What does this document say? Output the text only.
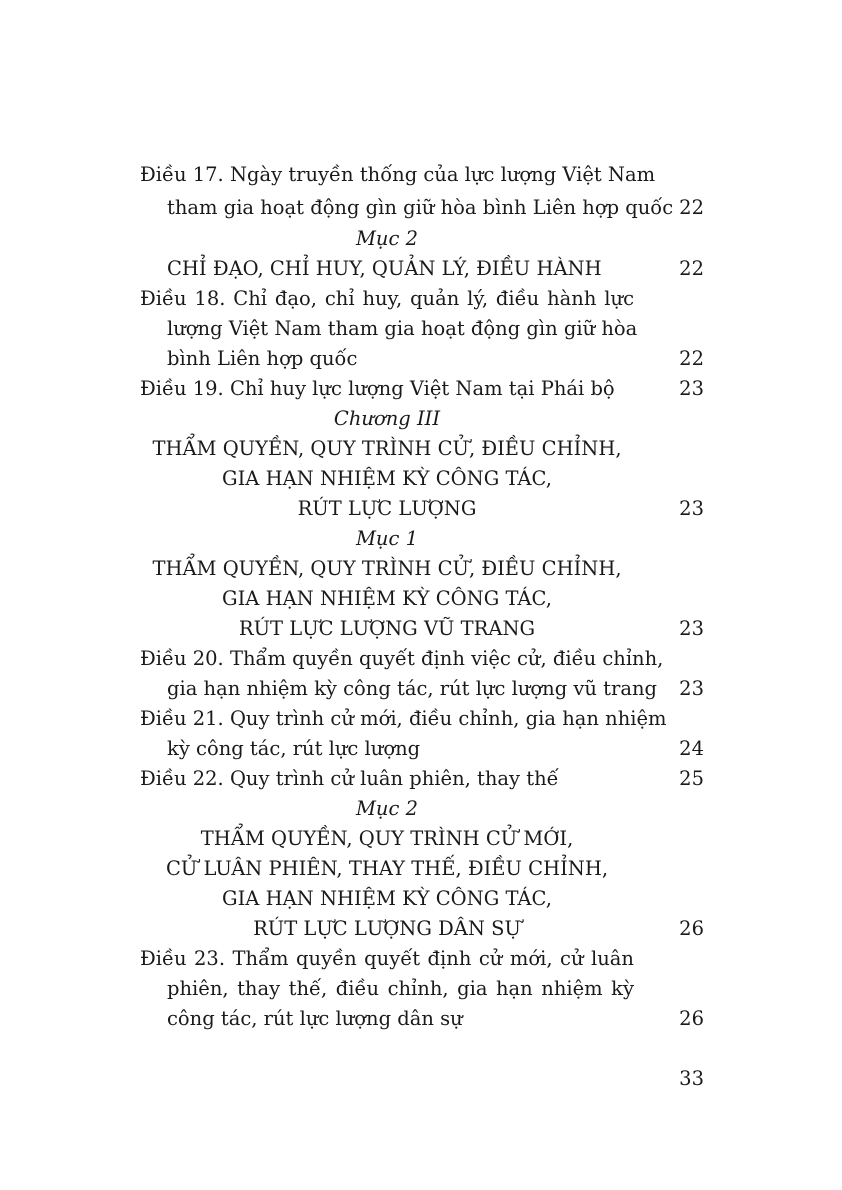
Điều 17. Ngày truyền thống của lực lượng Việt Nam
tham gia hoạt động gìn giữ hòa bình Liên hợp quốc 22
Mục 2
CHỈ ĐẠO, CHỈ HUY, QUẢN LÝ, ĐIỀU HÀNH	22
Điều 18. Chỉ đạo, chỉ huy, quản lý, điều hành lực
lượng Việt Nam tham gia hoạt động gìn giữ hòa
bình Liên hợp quốc	22
Điều 19. Chỉ huy lực lượng Việt Nam tại Phái bộ	23
Chương III
THẨM QUYỀN, QUY TRÌNH CỬ, ĐIỀU CHỈNH,
GIA HẠN NHIỆM KỲ CÔNG TÁC,
RÚT LỰC LƯỢNG	23
Mục 1
THẨM QUYỀN, QUY TRÌNH CỬ, ĐIỀU CHỈNH,
GIA HẠN NHIỆM KỲ CÔNG TÁC,
RÚT LỰC LƯỢNG VŨ TRANG	23
Điều 20. Thẩm quyền quyết định việc cử, điều chỉnh,
gia hạn nhiệm kỳ công tác, rút lực lượng vũ trang	23
Điều 21. Quy trình cử mới, điều chỉnh, gia hạn nhiệm
kỳ công tác, rút lực lượng	24
Điều 22. Quy trình cử luân phiên, thay thế	25
Mục 2
THẨM QUYỀN, QUY TRÌNH CỬ MỚI,
CỬ LUÂN PHIÊN, THAY THẾ, ĐIỀU CHỈNH,
GIA HẠN NHIỆM KỲ CÔNG TÁC,
RÚT LỰC LƯỢNG DÂN SỰ	26
Điều 23. Thẩm quyền quyết định cử mới, cử luân
phiên, thay thế, điều chỉnh, gia hạn nhiệm kỳ
công tác, rút lực lượng dân sự	26
33
